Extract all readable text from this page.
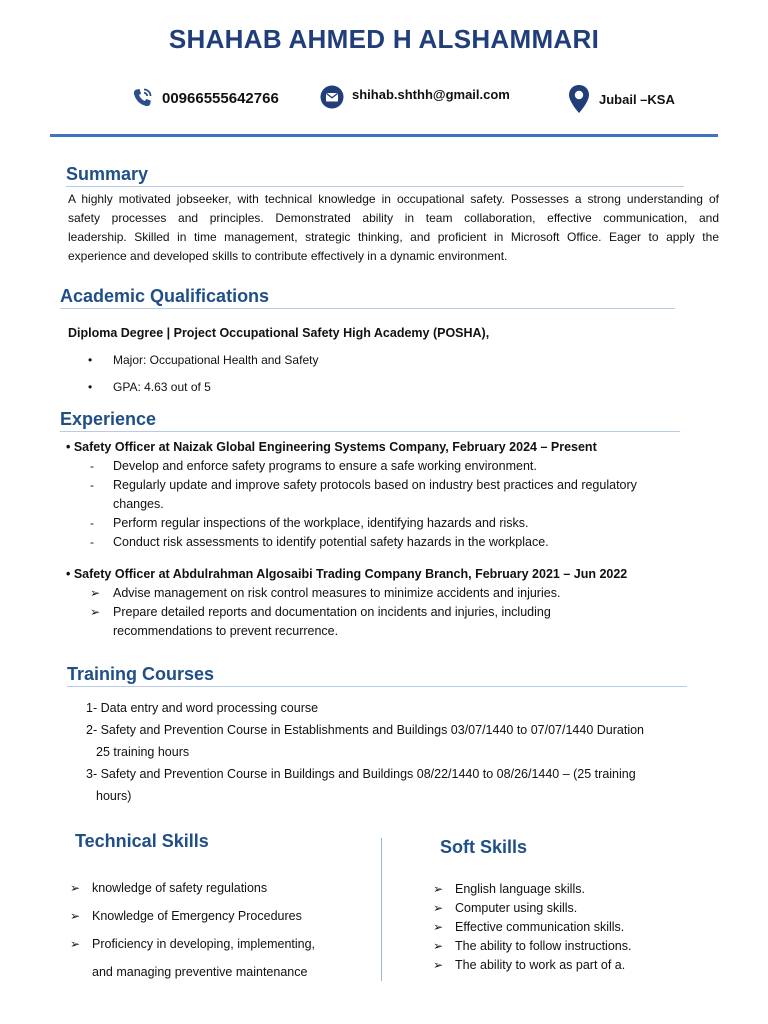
SHAHAB AHMED H ALSHAMMARI
00966555642766	shihab.shthh@gmail.com	Jubail –KSA
Summary
A highly motivated jobseeker, with technical knowledge in occupational safety. Possesses a strong understanding of
safety processes and principles. Demonstrated ability in team collaboration, effective communication, and
leadership. Skilled in time management, strategic thinking, and proficient in Microsoft Office. Eager to apply the
experience and developed skills to contribute effectively in a dynamic environment.
Academic Qualifications
Diploma Degree | Project Occupational Safety High Academy (POSHA),
• Major: Occupational Health and Safety
• GPA: 4.63 out of 5
Experience
• Safety Officer at Naizak Global Engineering Systems Company, February 2024 – Present
- Develop and enforce safety programs to ensure a safe working environment.
- Regularly update and improve safety protocols based on industry best practices and regulatory
changes.
- Perform regular inspections of the workplace, identifying hazards and risks.
- Conduct risk assessments to identify potential safety hazards in the workplace.
• Safety Officer at Abdulrahman Algosaibi Trading Company Branch, February 2021 – Jun 2022
➢ Advise management on risk control measures to minimize accidents and injuries.
➢ Prepare detailed reports and documentation on incidents and injuries, including
recommendations to prevent recurrence.
Training Courses
1- Data entry and word processing course
2- Safety and Prevention Course in Establishments and Buildings 03/07/1440 to 07/07/1440 Duration
25 training hours
3- Safety and Prevention Course in Buildings and Buildings 08/22/1440 to 08/26/1440 – (25 training
hours)
Technical Skills
➢ knowledge of safety regulations
➢ Knowledge of Emergency Procedures
➢ Proficiency in developing, implementing,
and managing preventive maintenance
Soft Skills
➢ English language skills.
➢ Computer using skills.
➢ Effective communication skills.
➢ The ability to follow instructions.
➢ The ability to work as part of a.
